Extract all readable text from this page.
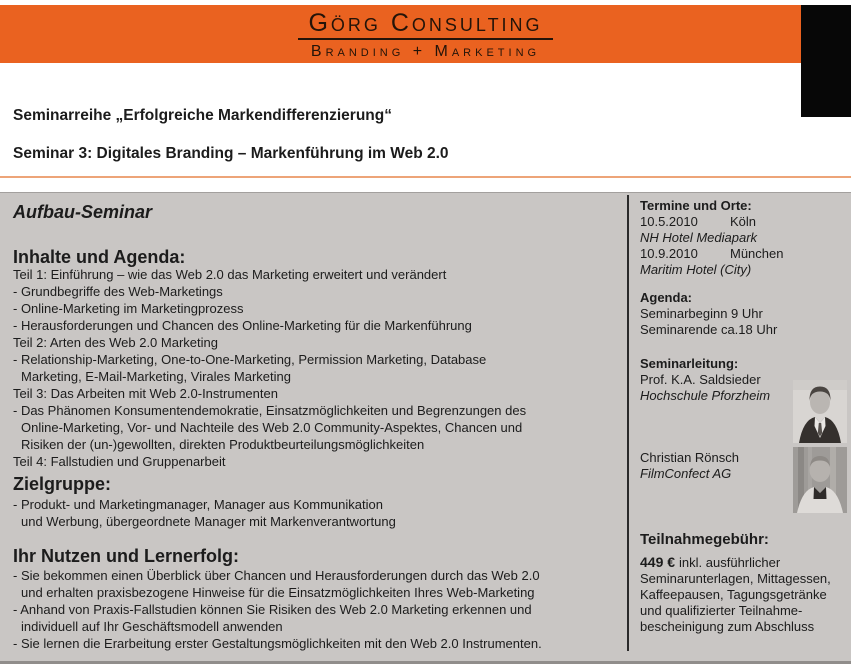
Görg Consulting
Branding + Marketing
Seminarreihe „Erfolgreiche Markendifferenzierung“
Seminar 3: Digitales Branding – Markenführung im Web 2.0
Aufbau-Seminar
Inhalte und Agenda:
Teil 1: Einführung – wie das Web 2.0 das Marketing erweitert und verändert
- Grundbegriffe des Web-Marketings
- Online-Marketing im Marketingprozess
- Herausforderungen und Chancen des Online-Marketing für die Markenführung
Teil 2: Arten des Web 2.0 Marketing
- Relationship-Marketing, One-to-One-Marketing, Permission Marketing, Database
Marketing, E-Mail-Marketing, Virales Marketing
Teil 3: Das Arbeiten mit Web 2.0-Instrumenten
- Das Phänomen Konsumentendemokratie, Einsatzmöglichkeiten und Begrenzungen des
Online-Marketing, Vor- und Nachteile des Web 2.0 Community-Aspektes, Chancen und
Risiken der (un-)gewollten, direkten Produktbeurteilungsmöglichkeiten
Teil 4: Fallstudien und Gruppenarbeit
Zielgruppe:
- Produkt- und Marketingmanager, Manager aus Kommunikation
und Werbung, übergeordnete Manager mit Markenverantwortung
Ihr Nutzen und Lernerfolg:
- Sie bekommen einen Überblick über Chancen und Herausforderungen durch das Web 2.0
und erhalten praxisbezogene Hinweise für die Einsatzmöglichkeiten Ihres Web-Marketing
- Anhand von Praxis-Fallstudien können Sie Risiken des Web 2.0 Marketing erkennen und
individuell auf Ihr Geschäftsmodell anwenden
- Sie lernen die Erarbeitung erster Gestaltungsmöglichkeiten mit den Web 2.0 Instrumenten.
Termine und Orte:
10.5.2010 Köln
NH Hotel Mediapark
10.9.2010 München
Maritim Hotel (City)
Agenda:
Seminarbeginn 9 Uhr
Seminarende ca.18 Uhr
Seminarleitung:
Prof. K.A. Saldsieder
Hochschule Pforzheim
Christian Rönsch
FilmConfect AG
Teilnahmegebühr:
449 € inkl. ausführlicher
Seminarunterlagen, Mittagessen,
Kaffeepausen, Tagungsgetränke
und qualifizierter Teilnahme-
bescheinigung zum Abschluss
